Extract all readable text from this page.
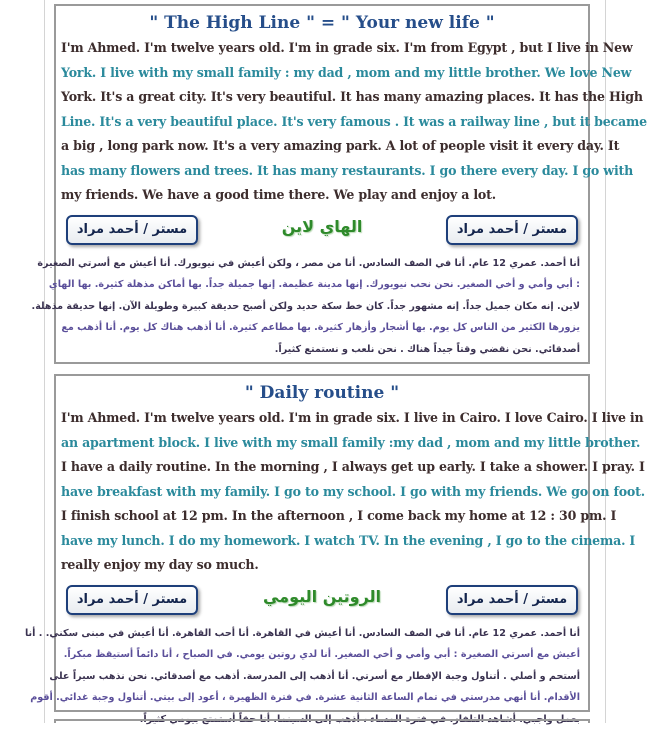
" The High Line " = " Your new life "
I'm Ahmed. I'm twelve years old. I'm in grade six. I'm from Egypt , but I live in New
York. I live with my small family : my dad , mom and my little brother. We love New
York. It's a great city. It's very beautiful. It has many amazing places. It has the High
Line. It's a very beautiful place. It's very famous . It was a railway line , but it became
a big , long park now. It's a very amazing park. A lot of people visit it every day. It
has many flowers and trees. It has many restaurants. I go there every day. I go with
my friends. We have a good time there. We play and enjoy a lot.
مستر / أحمد مراد	الهاي لاين	مستر / أحمد مراد
أنا أحمد. عمري 12 عام. أنا في الصف السادس. أنا من مصر ، ولكن أعيش في نيويورك. أنا أعيش مع أسرتي الصغيرة
: أبي وأمي و أخي الصغير. نحن نحب نيويورك. إنها مدينة عظيمة. إنها جميلة جداً. بها أماكن مذهلة كثيرة. بها الهاي
لاين. إنه مكان جميل جداً. إنه مشهور جداً. كان خط سكة حديد ولكن أصبح حديقة كبيرة وطويلة الآن. إنها حديقة مذهلة.
يزورها الكثير من الناس كل يوم. بها أشجار وأزهار كثيرة. بها مطاعم كثيرة. أنا أذهب هناك كل يوم. أنا أذهب مع
أصدقائي. نحن نقضي وقتاً جيداً هناك . نحن نلعب و نستمتع كثيراً.
" Daily routine "
I'm Ahmed. I'm twelve years old. I'm in grade six. I live in Cairo. I love Cairo. I live in
an apartment block. I live with my small family :my dad , mom and my little brother.
I have a daily routine. In the morning , I always get up early. I take a shower. I pray. I
have breakfast with my family. I go to my school. I go with my friends. We go on foot.
I finish school at 12 pm. In the afternoon , I come back my home at 12 : 30 pm. I
have my lunch. I do my homework. I watch TV. In the evening , I go to the cinema. I
really enjoy my day so much.
مستر / أحمد مراد	الروتين اليومي	مستر / أحمد مراد
أنا أحمد. عمري 12 عام. أنا في الصف السادس. أنا أعيش في القاهرة. أنا أحب القاهرة. أنا أعيش في مبنى سكني. . أنا
أعيش مع أسرتي الصغيرة : أبي وأمي و أخي الصغير. أنا لدي روتين يومي. في الصباح ، أنا دائماً أستيقظ مبكراً.
أستحم و أصلي . أتناول وجبة الإفطار مع أسرتي. أنا أذهب إلى المدرسة. أذهب مع أصدقائي. نحن نذهب سيراً على
الأقدام. أنا أنهي مدرستي في تمام الساعة الثانية عشرة. في فترة الظهيرة ، أعود إلى بيتي. أتناول وجبة غدائي. أقوم
بعمل واجبي. أشاهد التلفاز. في فترة المساء ، أذهب إلى السينما. أنا حقاً أستمتع بيومي كثيراً.
